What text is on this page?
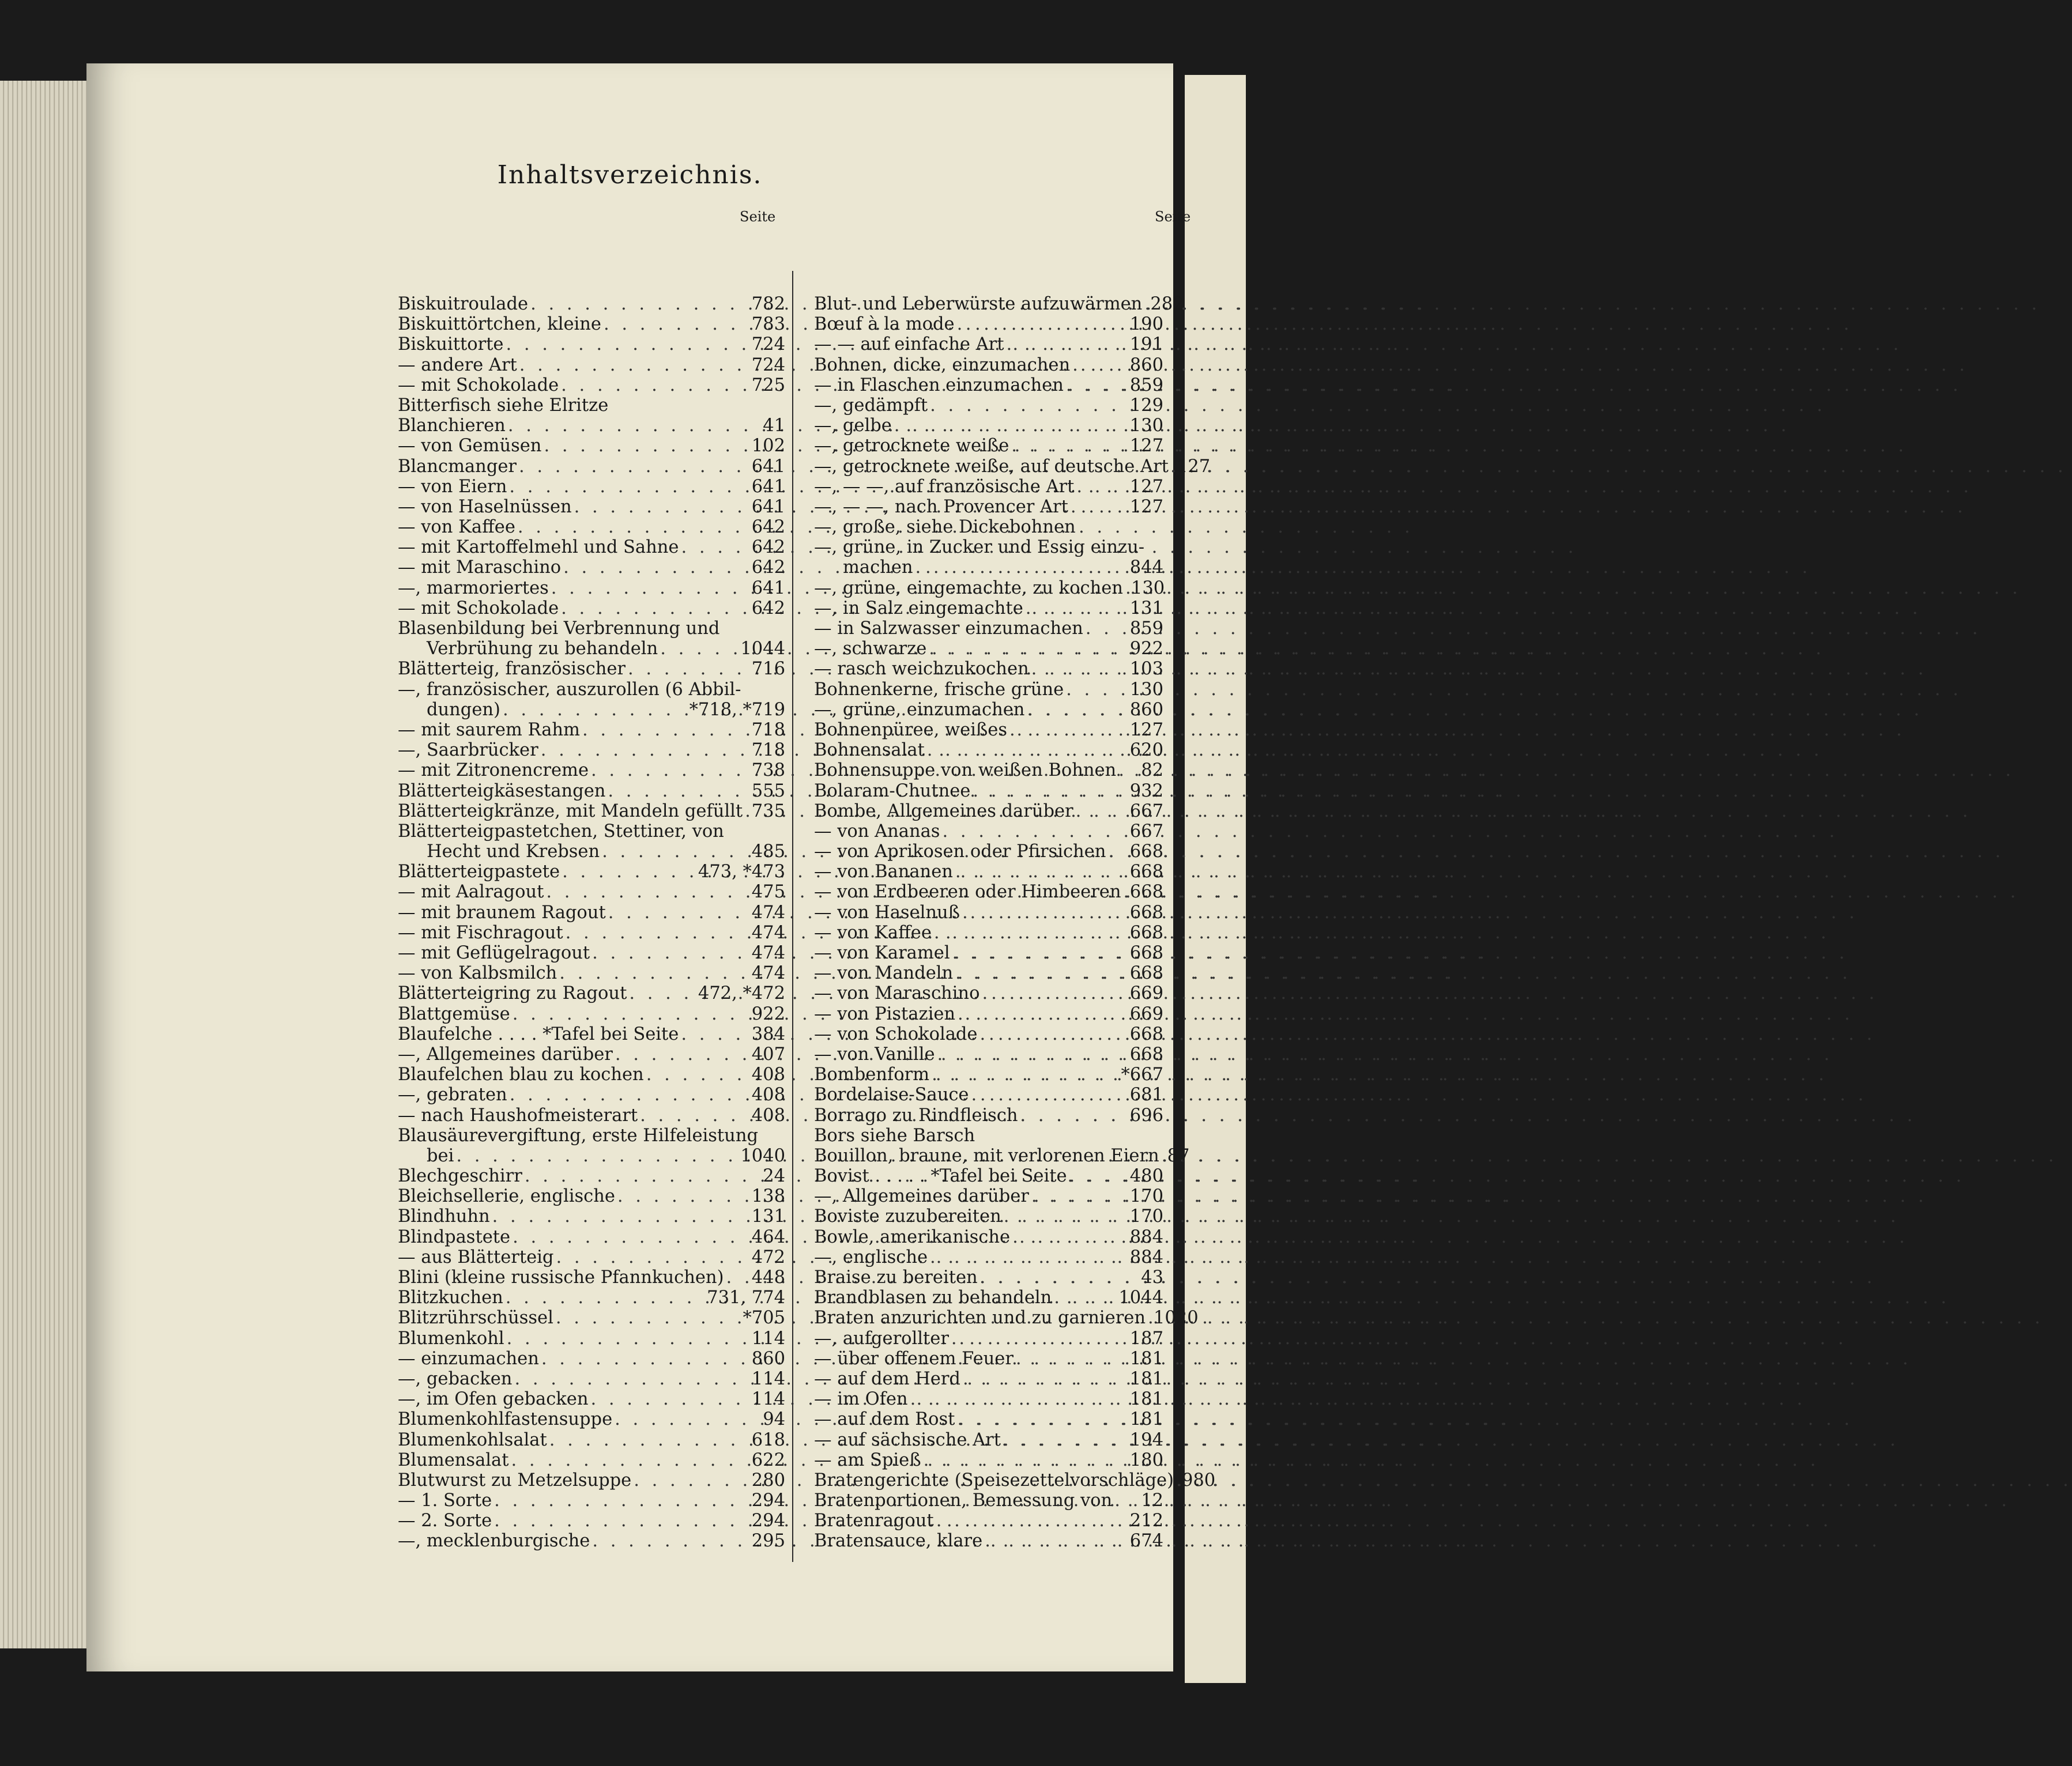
Inhaltsverzeichnis.
Seite	Seite
Biskuitroulade . . .	782
Biskuittörtchen, kleine . . .	783
Biskuittorte . . .	724
— andere Art . . .	724
— mit Schokolade . . .	725
Bitterfisch siehe Elritze
Blanchieren . . .	41
— von Gemüsen . . .	102
Blancmanger . . .	641
— von Eiern . . .	641
— von Haselnüssen . . .	641
— von Kaffee . . .	642
— mit Kartoffelmehl und Sahne . . .	642
— mit Maraschino . . .	642
—, marmoriertes . . .	641
— mit Schokolade . . .	642
Blasenbildung bei Verbrennung und
Verbrühung zu behandeln . . .	1044
Blätterteig, französischer . . .	716
—, französischer, auszurollen (6 Abbil-
dungen) . . .	*718, *719
— mit saurem Rahm . . .	718
—, Saarbrücker . . .	718
— mit Zitronencreme . . .	738
Blätterteigkäsestangen . . .	555
Blätterteigkränze, mit Mandeln gefüllt . . . 735
Blätterteigpastetchen, Stettiner, von
Hecht und Krebsen . . .	485
Blätterteigpastete . . .	473, *473
— mit Aalragout . . .	475
— mit braunem Ragout . . .	474
— mit Fischragout . . .	474
— mit Geflügelragout . . .	474
— von Kalbsmilch . . .	474
Blätterteigring zu Ragout . . .	472, *472
Blattgemüse . . .	922
Blaufelche . . . . *Tafel bei Seite . . .	384
—, Allgemeines darüber . . .	407
Blaufelchen blau zu kochen . . .	408
—, gebraten . . .	408
— nach Haushofmeisterart . . .	408
Blausäurevergiftung, erste Hilfeleistung
bei . . .	1040
Blechgeschirr . . .	24
Bleichsellerie, englische . . .	138
Blindhuhn . . .	131
Blindpastete . . .	464
— aus Blätterteig . . .	472
Blini (kleine russische Pfannkuchen) . . . 448
Blitzkuchen . . .	731, 774
Blitzrührschüssel . . .	*705
Blumenkohl . . .	114
— einzumachen . . .	860
—, gebacken . . .	114
—, im Ofen gebacken . . .	114
Blumenkohlfastensuppe . . .	94
Blumenkohlsalat . . .	618
Blumensalat . . .	622
Blutwurst zu Metzelsuppe . . .	280
— 1. Sorte . . .	294
— 2. Sorte . . .	294
—, mecklenburgische . . .	295
Blut- und Leberwürste aufzuwärmen . . . 282
Bœuf à la mode . . .	190
— — auf einfache Art . . .	191
Bohnen, dicke, einzumachen . . .	860
— in Flaschen einzumachen . . .	859
—, gedämpft . . .	129
—, gelbe . . .	130
—, getrocknete weiße . . .	127
—, getrocknete weiße, auf deutsche Art . . . 127
—, — —, auf französische Art . . .	127
—, — —, nach Provencer Art . . .	127
—, große, siehe Dickebohnen
—, grüne, in Zucker und Essig einzu-
machen . . .	844
—, grüne, eingemachte, zu kochen . . . 130
—, in Salz eingemachte . . .	131
— in Salzwasser einzumachen . . .	859
—, schwarze . . .	922
— rasch weichzukochen . . .	103
Bohnenkerne, frische grüne . . .	130
—, grüne, einzumachen . . .	860
Bohnenpüree, weißes . . .	127
Bohnensalat . . .	620
Bohnensuppe von weißen Bohnen . . . 82
Bolaram-Chutnee . . .	932
Bombe, Allgemeines darüber . . .	667
— von Ananas . . .	667
— von Aprikosen oder Pfirsichen . . . 668
— von Bananen . . .	668
— von Erdbeeren oder Himbeeren . . . 668
— von Haselnuß . . .	668
— von Kaffee . . .	668
— von Karamel . . .	668
— von Mandeln . . .	668
— von Maraschino . . .	669
— von Pistazien . . .	669
— von Schokolade . . .	668
— von Vanille . . .	668
Bombenform . . .	*667
Bordelaise-Sauce . . .	681
Borrago zu Rindfleisch . . .	696
Bors siehe Barsch
Bouillon, braune, mit verlorenen Eiern . . . 87
Bovist . . . . . *Tafel bei Seite . . .	480
—, Allgemeines darüber . . .	170
Boviste zuzubereiten . . .	170
Bowle, amerikanische . . .	884
—, englische . . .	884
Braise zu bereiten . . .	43
Brandblasen zu behandeln . . .	1044
Braten anzurichten und zu garnieren . . . 1020
—, aufgerollter . . .	187
— über offenem Feuer . . .	181
— auf dem Herd . . .	181
— im Ofen . . .	181
— auf dem Rost . . .	181
— auf sächsische Art . . .	194
— am Spieß . . .	180
Bratengerichte (Speisezettelvorschläge) . . . 980
Bratenportionen, Bemessung von . . . 12
Bratenragout . . .	212
Bratensauce, klare . . .	674
